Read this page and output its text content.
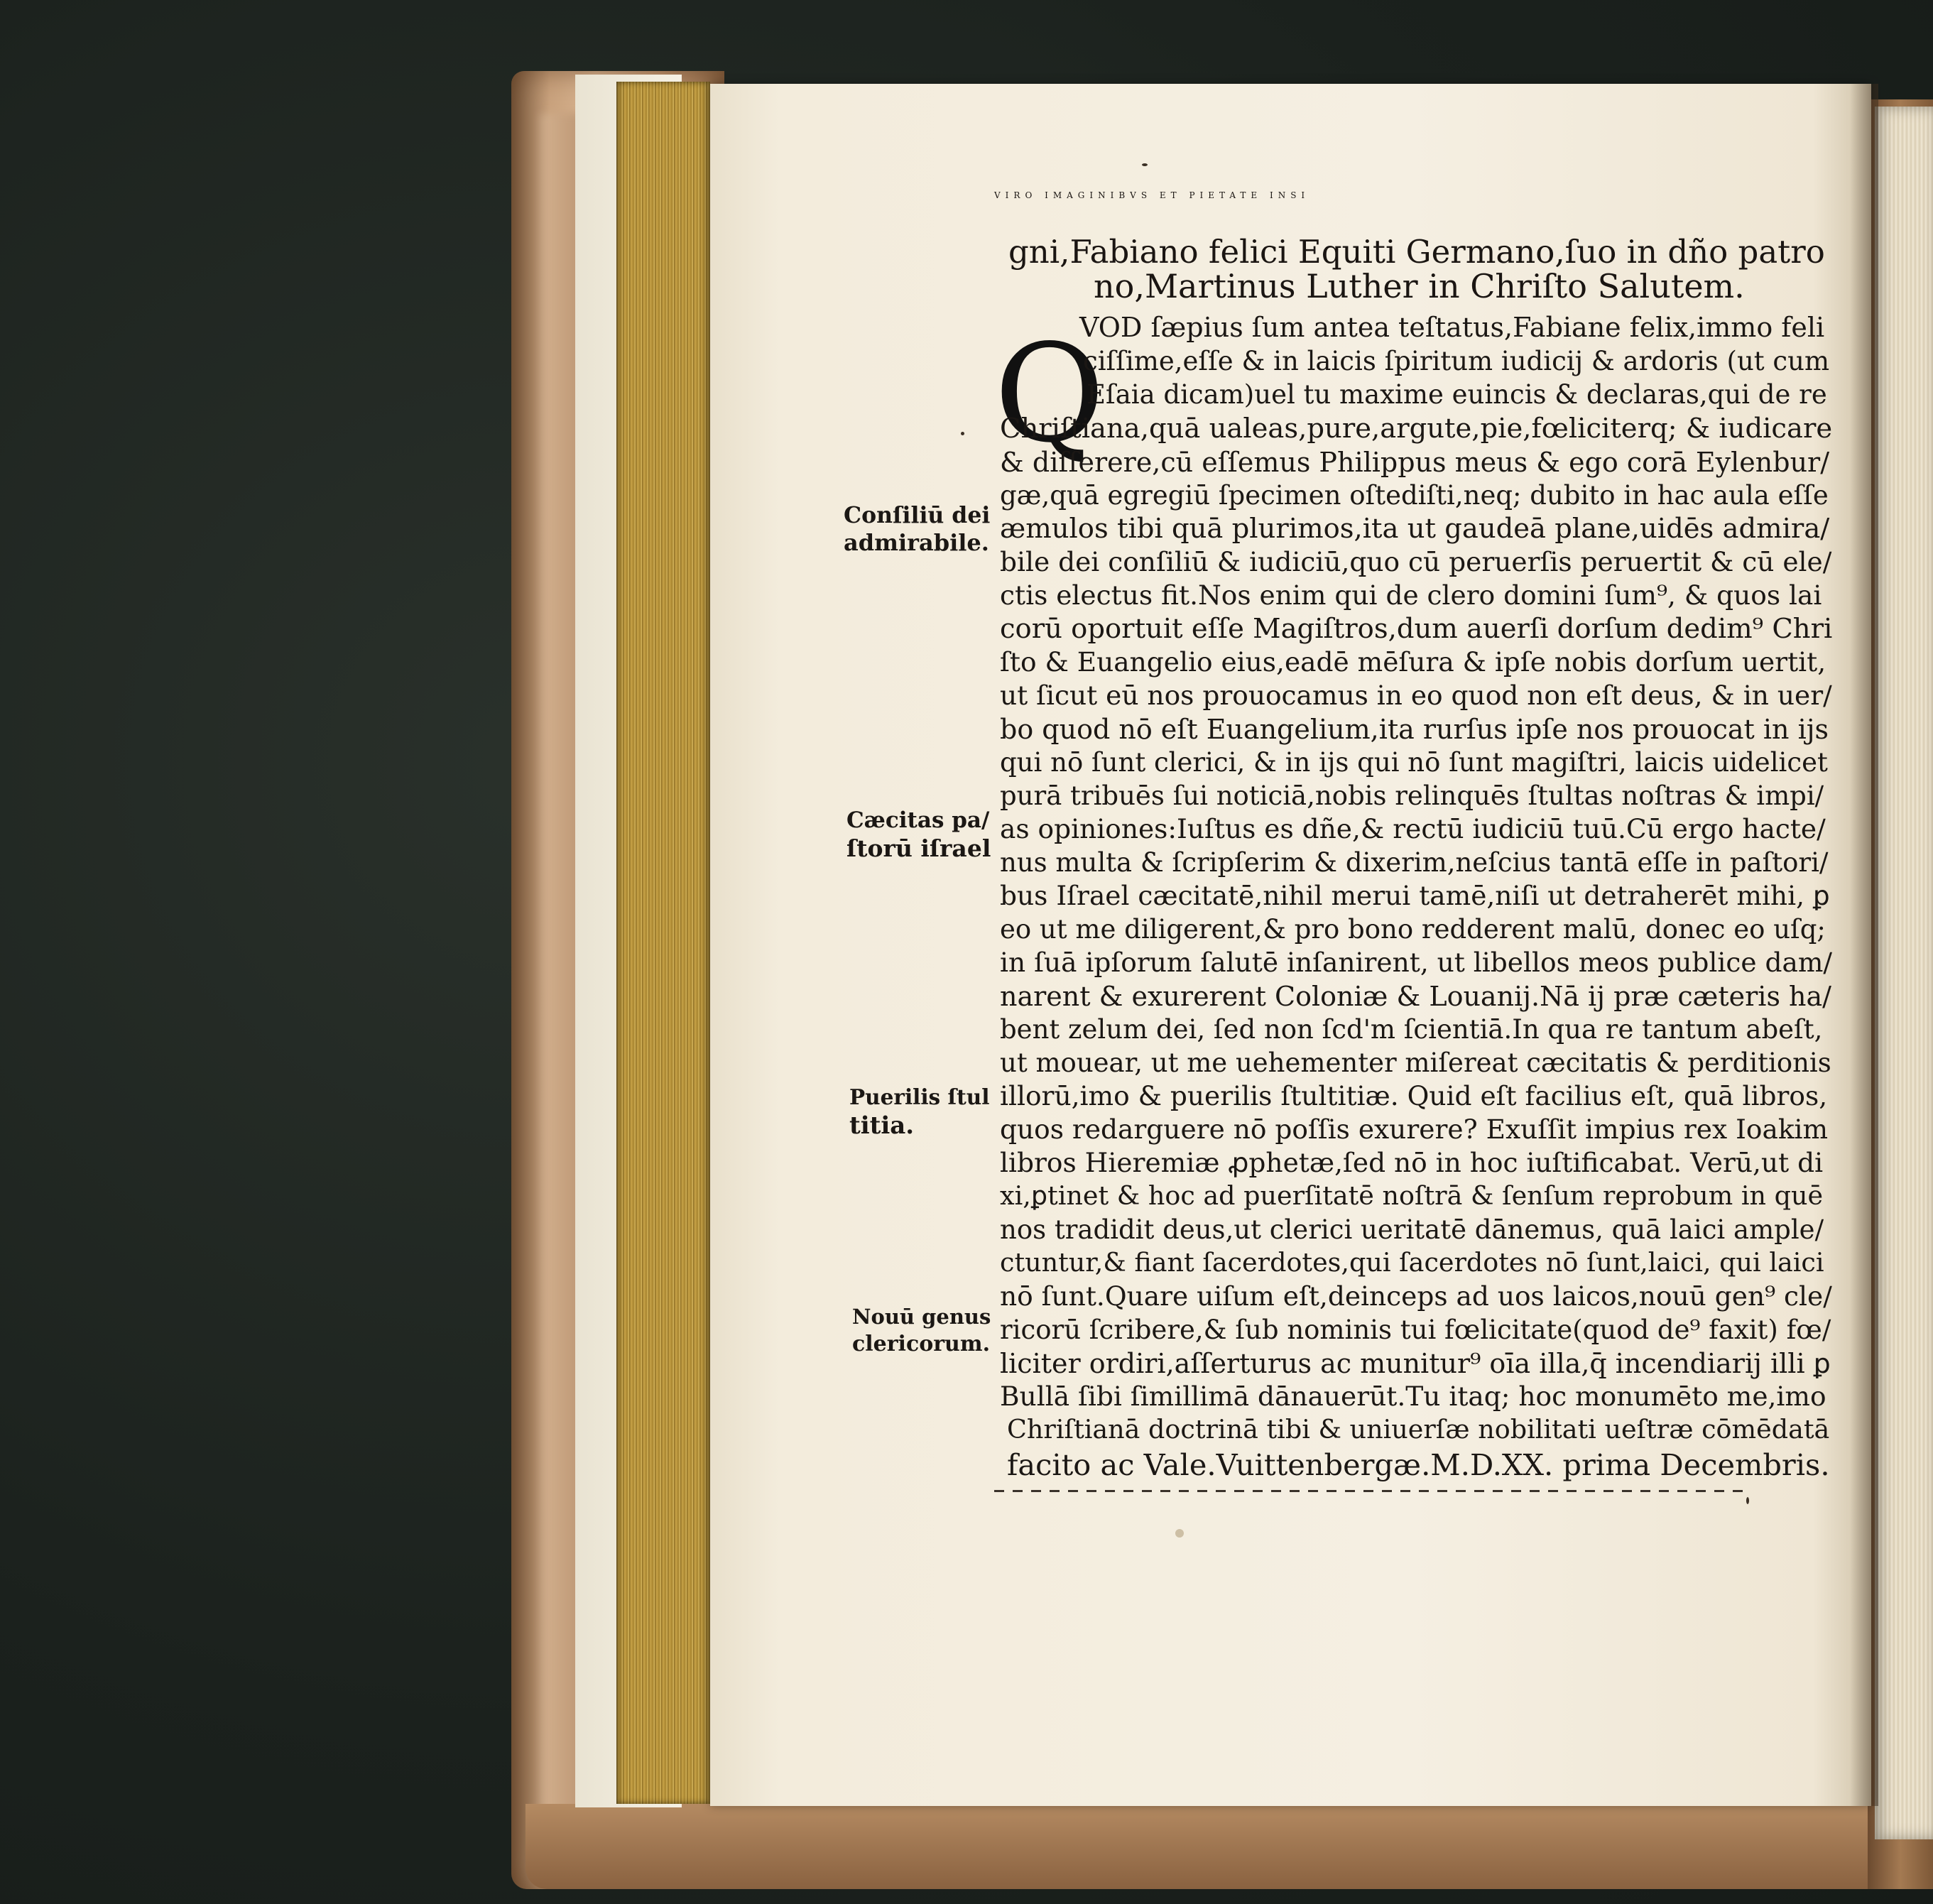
VIRO IMAGINIBVS ET PIETATE INSI
gni,Fabiano felici Equiti Germano,ſuo in dño patro
no,Martinus Luther in Chriſto Salutem.
Q
VOD ſæpius ſum antea teſtatus,Fabiane felix,immo feli
ciſſime,eſſe & in laicis ſpiritum iudicij & ardoris (ut cum
Eſaia dicam)uel tu maxime euincis & declaras,qui de re
Chriſtiana,quā ualeas,pure,argute,pie,fœliciterq; & iudicare
& diſſerere,cū eſſemus Philippus meus & ego corā Eylenbur/
gæ,quā egregiū ſpecimen oſtediſti,neq; dubito in hac aula eſſe
æmulos tibi quā plurimos,ita ut gaudeā plane,uidēs admira/
bile dei conſiliū & iudiciū,quo cū peruerſis peruertit & cū ele/
ctis electus fit.Nos enim qui de clero domini ſum⁹, & quos lai
corū oportuit eſſe Magiſtros,dum auerſi dorſum dedim⁹ Chri
ſto & Euangelio eius,eadē mēſura & ipſe nobis dorſum uertit,
ut ſicut eū nos prouocamus in eo quod non eſt deus, & in uer/
bo quod nō eſt Euangelium,ita rurſus ipſe nos prouocat in ijs
qui nō ſunt clerici, & in ijs qui nō ſunt magiſtri, laicis uidelicet
purā tribuēs ſui noticiā,nobis relinquēs ſtultas noſtras & impi/
as opiniones:Iuſtus es dñe,& rectū iudiciū tuū.Cū ergo hacte/
nus multa & ſcripſerim & dixerim,neſcius tantā eſſe in paſtori/
bus Iſrael cæcitatē,nihil merui tamē,niſi ut detraherēt mihi, ꝑ
eo ut me diligerent,& pro bono redderent malū, donec eo uſq;
in ſuā ipſorum ſalutē inſanirent, ut libellos meos publice dam/
narent & exurerent Coloniæ & Louanij.Nā ij præ cæteris ha/
bent zelum dei, ſed non ſcd'm ſcientiā.In qua re tantum abeſt,
ut mouear, ut me uehementer miſereat cæcitatis & perditionis
illorū,imo & puerilis ſtultitiæ. Quid eſt facilius eſt, quā libros,
quos redarguere nō poſſis exurere? Exuſſit impius rex Ioakim
libros Hieremiæ ꝓphetæ,ſed nō in hoc iuſtificabat. Verū,ut di
xi,ꝑtinet & hoc ad puerſitatē noſtrā & ſenſum reprobum in quē
nos tradidit deus,ut clerici ueritatē dānemus, quā laici ample/
ctuntur,& fiant ſacerdotes,qui ſacerdotes nō ſunt,laici, qui laici
nō ſunt.Quare uiſum eſt,deinceps ad uos laicos,nouū gen⁹ cle/
ricorū ſcribere,& ſub nominis tui fœlicitate(quod de⁹ faxit) fœ/
liciter ordiri,aſſerturus ac munitur⁹ oīa illa,q̄ incendiarij illi ꝑ
Bullā ſibi ſimillimā dānauerūt.Tu itaq; hoc monumēto me,imo
Chriſtianā doctrinā tibi & uniuerſæ nobilitati ueſtræ cōmēdatā
facito ac Vale.Vuittenbergæ.M.D.XX. prima Decembris.
Conſiliū dei
admirabile.
Cæcitas pa/
ſtorū iſrael
Puerilis ſtul
titia.
Nouū genus
clericorum.
